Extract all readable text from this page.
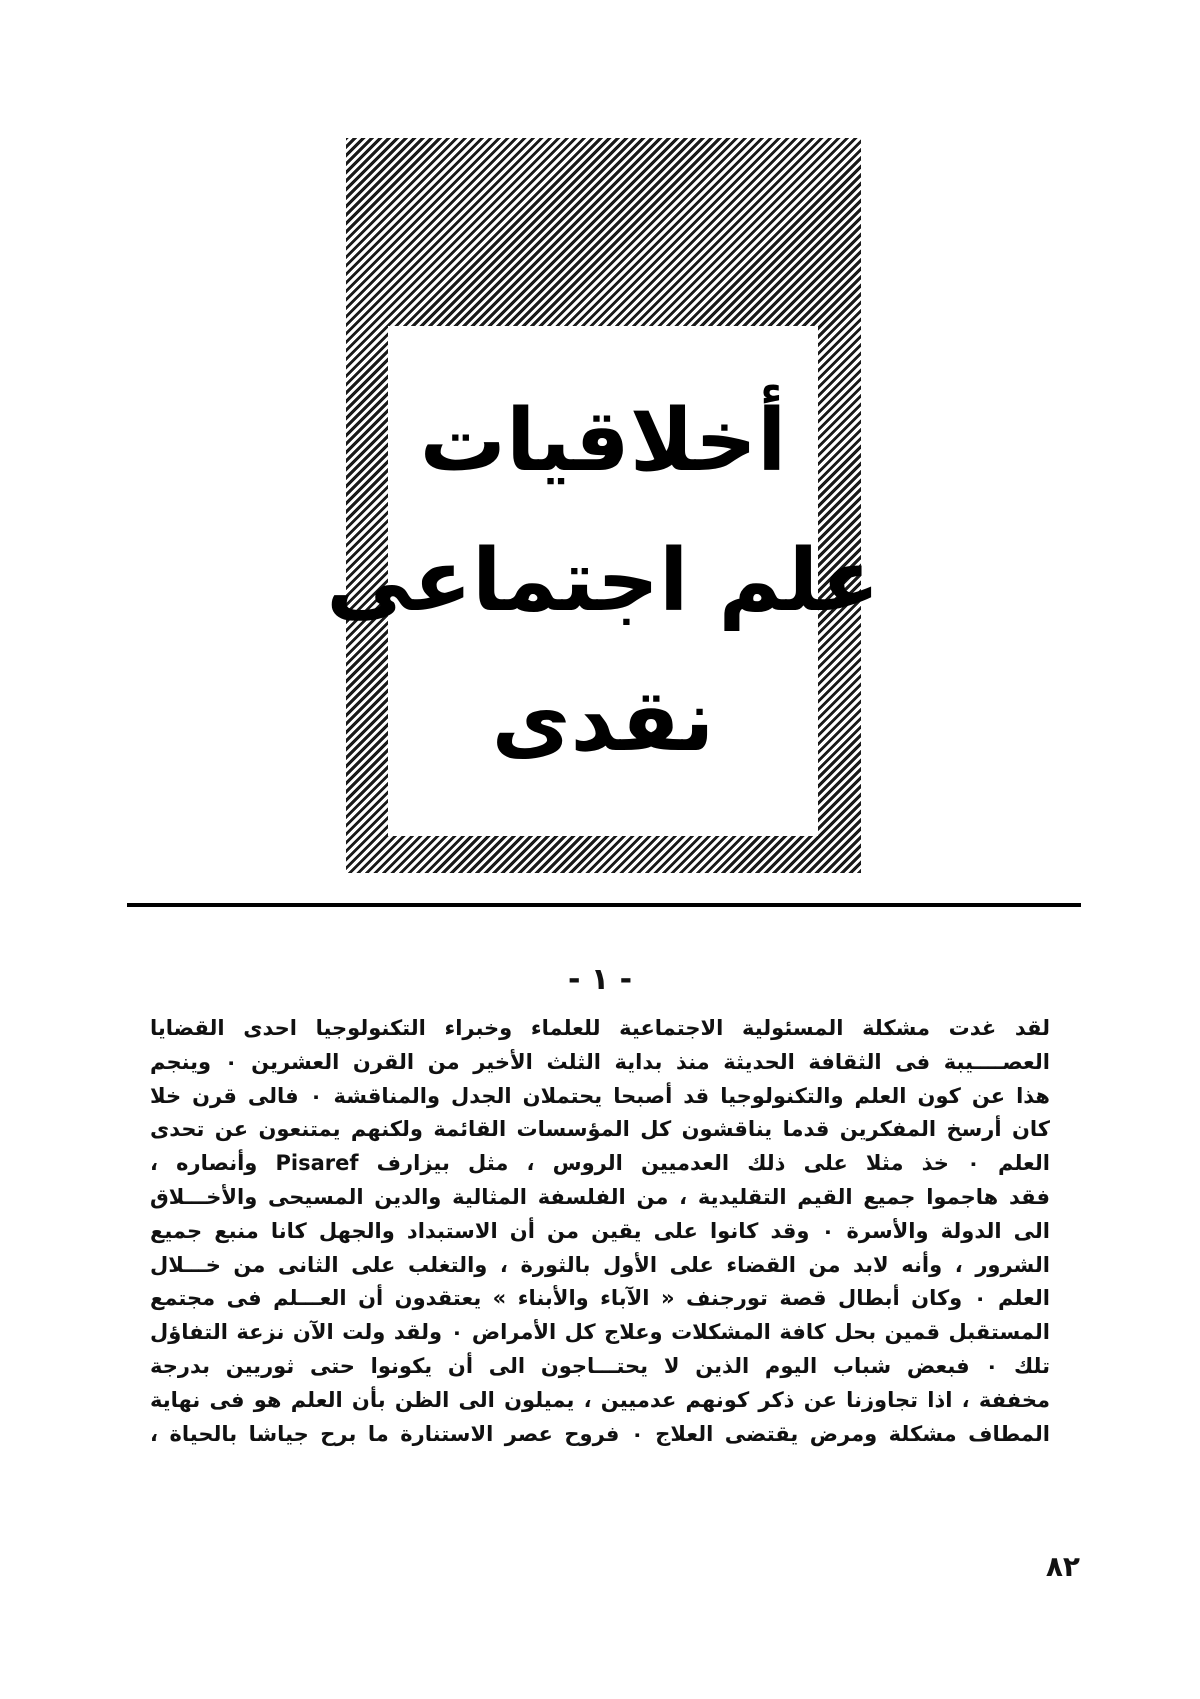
أخلاقيات
علم اجتماعى
نقدى
- ١ -
لقد غدت مشكلة المسئولية الاجتماعية للعلماء وخبراء التكنولوجيا احدى القضايا
العصــــيبة فى الثقافة الحديثة منذ بداية الثلث الأخير من القرن العشرين ٠ وينجم
هذا عن كون العلم والتكنولوجيا قد أصبحا يحتملان الجدل والمناقشة ٠ فالى قرن خلا
كان أرسخ المفكرين قدما يناقشون كل المؤسسات القائمة ولكنهم يمتنعون عن تحدى
العلم ٠ خذ مثلا على ذلك العدميين الروس ، مثل بيزارف Pisaref وأنصاره ،
فقد هاجموا جميع القيم التقليدية ، من الفلسفة المثالية والدين المسيحى والأخـــلاق
الى الدولة والأسرة ٠ وقد كانوا على يقين من أن الاستبداد والجهل كانا منبع جميع
الشرور ، وأنه لابد من القضاء على الأول بالثورة ، والتغلب على الثانى من خـــلال
العلم ٠ وكان أبطال قصة تورجنف « الآباء والأبناء » يعتقدون أن العـــلم فى مجتمع
المستقبل قمين بحل كافة المشكلات وعلاج كل الأمراض ٠ ولقد ولت الآن نزعة التفاؤل
تلك ٠ فبعض شباب اليوم الذين لا يحتـــاجون الى أن يكونوا حتى ثوريين بدرجة
مخففة ، اذا تجاوزنا عن ذكر كونهم عدميين ، يميلون الى الظن بأن العلم هو فى نهاية
المطاف مشكلة ومرض يقتضى العلاج ٠ فروح عصر الاستنارة ما برح جياشا بالحياة ،
٨٢
